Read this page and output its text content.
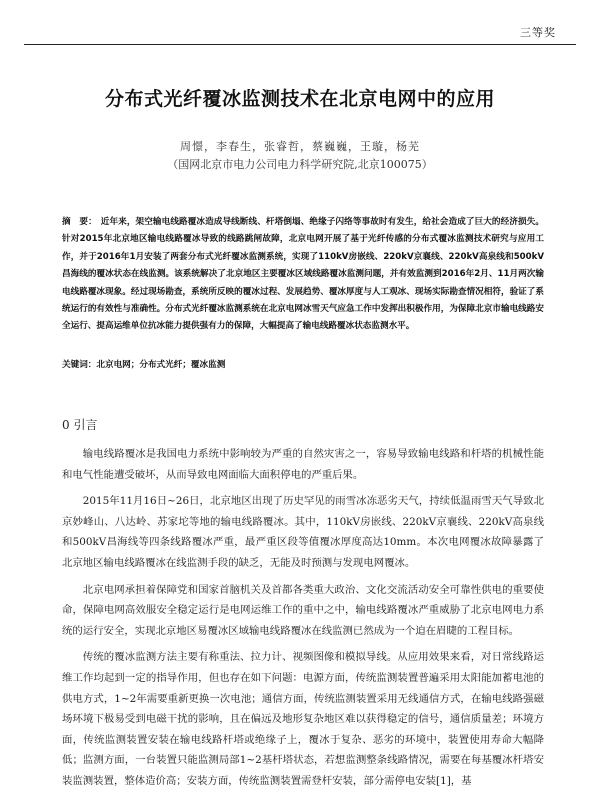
三等奖
分布式光纤覆冰监测技术在北京电网中的应用
周憬，李春生，张睿哲，蔡巍巍，王璇，杨芜
（国网北京市电力公司电力科学研究院,北京100075）
摘　要： 近年来，架空输电线路覆冰造成导线断线、杆塔倒塌、绝缘子闪络等事故时有发生，给社会造成了巨大的经济损失。针对2015年北京地区输电线路覆冰导致的线路跳闸故障，北京电网开展了基于光纤传感的分布式覆冰监测技术研究与应用工作，并于2016年1月安装了两套分布式光纤覆冰监测系统，实现了110kV房嵌线、220kV京襄线、220kV高泉线和500kV昌海线的覆冰状态在线监测。该系统解决了北京地区主要覆冰区域线路覆冰监测问题，并有效监测到2016年2月、11月两次输电线路覆冰现象。经过现场勘查，系统所反映的覆冰过程、发展趋势、覆冰厚度与人工观冰、现场实际勘查情况相符，验证了系统运行的有效性与准确性。分布式光纤覆冰监测系统在北京电网冰雪天气应急工作中发挥出积极作用，为保障北京市输电线路安全运行、提高运维单位抗冰能力提供强有力的保障，大幅提高了输电线路覆冰状态监测水平。
关键词：北京电网；分布式光纤；覆冰监测
0 引言

输电线路覆冰是我国电力系统中影响较为严重的自然灾害之一，容易导致输电线路和杆塔的机械性能和电气性能遭受破坏，从而导致电网面临大面积停电的严重后果。

2015年11月16日~26日，北京地区出现了历史罕见的雨雪冰冻恶劣天气，持续低温雨雪天气导致北京妙峰山、八达岭、苏家坨等地的输电线路覆冰。其中，110kV房嵌线、220kV京襄线、220kV高泉线和500kV昌海线等四条线路覆冰严重，最严重区段等值覆冰厚度高达10mm。本次电网覆冰故障暴露了北京地区输电线路覆冰在线监测手段的缺乏，无能及时预测与发现电网覆冰。

北京电网承担着保障党和国家首脑机关及首都各类重大政治、文化交流活动安全可靠性供电的重要使命，保障电网高效服安全稳定运行是电网运维工作的重中之中，输电线路覆冰严重威胁了北京电网电力系统的运行安全，实现北京地区易覆冰区域输电线路覆冰在线监测已然成为一个迫在眉睫的工程目标。

传统的覆冰监测方法主要有称重法、拉力计、视频图像和模拟导线。从应用效果来看，对日常线路运维工作均起到一定的指导作用，但也存在如下问题：电源方面，传统监测装置普遍采用太阳能加蓄电池的供电方式，1~2年需要重新更换一次电池；通信方面，传统监测装置采用无线通信方式，在输电线路强磁场环境下极易受到电磁干扰的影响，且在偏远及地形复杂地区难以获得稳定的信号，通信质量差；环境方面，传统监测装置安装在输电线路杆塔或绝缘子上，覆冰于复杂、恶劣的环境中，装置使用寿命大幅降低；监测方面，一台装置只能监测局部1~2基杆塔状态，若想监测整条线路情况，需要在每基覆冰杆塔安装监测装置，整体造价高；安装方面，传统监测装置需登杆安装，部分需停电安装[1]，基
